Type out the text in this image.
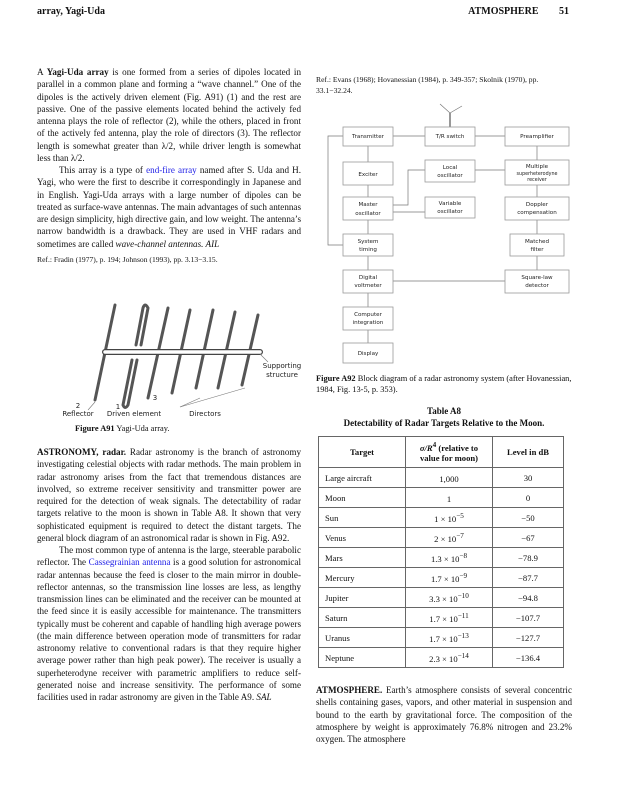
array, Yagi-Uda	ATMOSPHERE 51

A Yagi-Uda array is one formed from a series of dipoles located in parallel in a common plane and forming a “wave channel.” One of the dipoles is the actively driven element (Fig. A91) (1) and the rest are passive. One of the passive elements located behind the actively fed antenna plays the role of reflector (2), while the others, placed in front of the actively fed antenna, play the role of directors (3). The reflector length is somewhat greater than λ/2, while driver length is somewhat less than λ/2.

This array is a type of end-fire array named after S. Uda and H. Yagi, who were the first to describe it correspondingly in Japanese and in English. Yagi-Uda arrays with a large number of dipoles can be treated as surface-wave antennas. The main advantages of such antennas are design simplicity, high directive gain, and low weight. The antenna’s narrow bandwidth is a drawback. They are used in VHF radars and sometimes are called wave-channel antennas. AIL

Ref.: Fradin (1977), p. 194; Johnson (1993), pp. 3.13−3.15.

Supporting
structure
2
Reflector
1
Driven element
3
Directors
Figure A91 Yagi-Uda array.

ASTRONOMY, radar. Radar astronomy is the branch of astronomy investigating celestial objects with radar methods. The main problem in radar astronomy arises from the fact that tremendous distances are involved, so extreme receiver sensitivity and transmitter power are required for the detection of weak signals. The detectability of radar targets relative to the moon is shown in Table A8. It shown that very sophisticated equipment is required to detect the distant targets. The general block diagram of an astronomical radar is shown in Fig. A92.

The most common type of antenna is the large, steerable parabolic reflector. The Cassegrainian antenna is a good solution for astronomical radar antennas because the feed is closer to the main mirror in double-reflector antennas, so the transmission line losses are less, as lengthy transmission lines can be eliminated and the receiver can be mounted at the feed since it is easily accessible for maintenance. The transmitters typically must be coherent and capable of handling high average powers (the main difference between operation mode of transmitters for radar astronomy relative to conventional radars is that they require higher average power rather than high peak power). The receiver is usually a superheterodyne receiver with parametric amplifiers to reduce self-generated noise and increase sensitivity. The performance of some facilities used in radar astronomy are given in the Table A9. SAL

Ref.: Evans (1968); Hovanessian (1984), p. 349-357; Skolnik (1970), pp. 33.1−32.24.
Transmitter	T/R switch	Preamplifier
Exciter
Local
oscillator
Multiple
superheterodyne
receiver
Master
oscillator
Variable
oscillator
Doppler
compensation
System
timing
Matched
filter
Digital
voltmeter
Square-law
detector
Computer
integration
Display
Figure A92 Block diagram of a radar astronomy system (after Hovanessian, 1984, Fig. 13-5, p. 353).
Table A8
Detectability of Radar Targets Relative to the Moon.
Target	$\sigma/R^4$ (relative to value for moon)	Level in dB
Large aircraft	1,000	30
Moon	1	0
Sun	$1 \times 10^{-5}$	−50
Venus	$2 \times 10^{-7}$	−67
Mars	$1.3 \times 10^{-8}$	−78.9
Mercury	$1.7 \times 10^{-9}$	−87.7
Jupiter	$3.3 \times 10^{-10}$	−94.8
Saturn	$1.7 \times 10^{-11}$	−107.7
Uranus	$1.7 \times 10^{-13}$	−127.7
Neptune	$2.3 \times 10^{-14}$	−136.4

ATMOSPHERE. Earth’s atmosphere consists of several concentric shells containing gases, vapors, and other material in suspension and bound to the earth by gravitational force. The composition of the atmosphere by weight is approximately 76.8% nitrogen and 23.2% oxygen. The atmosphere
